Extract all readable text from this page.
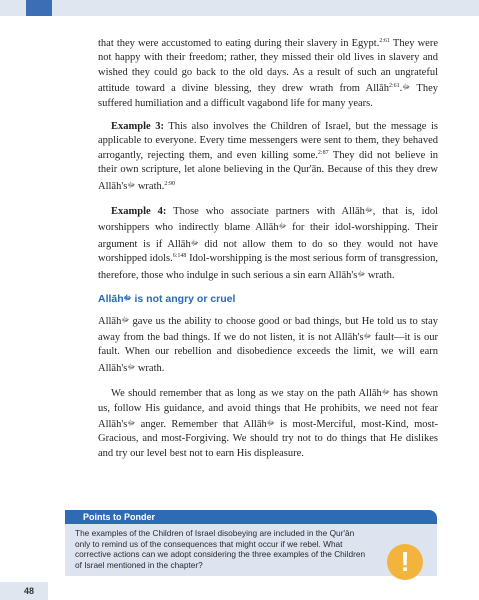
that they were accustomed to eating during their slavery in Egypt.$^{2:61}$ They were not happy with their freedom; rather, they missed their old lives in slavery and wished they could go back to the old days. As a result of such an ungrateful attitude toward a divine blessing, they drew wrath from Allāh ﷻ.$^{2:61}$ They suffered humiliation and a difficult vagabond life for many years.

Example 3: This also involves the Children of Israel, but the message is applicable to everyone. Every time messengers were sent to them, they behaved arrogantly, rejecting them, and even killing some.$^{2:87}$ They did not believe in their own scripture, let alone believing in the Qur'ān. Because of this they drew Allāh'sﷻ wrath.$^{2:90}$

Example 4: Those who associate partners with Allāhﷻ, that is, idol worshippers who indirectly blame Allāhﷻ for their idol-worshipping. Their argument is if Allāhﷻ did not allow them to do so they would not have worshipped idols.$^{6:148}$ Idol-worshipping is the most serious form of transgression, therefore, those who indulge in such serious a sin earn Allāh'sﷻ wrath.

Allāhﷻ is not angry or cruel

Allāhﷻ gave us the ability to choose good or bad things, but He told us to stay away from the bad things. If we do not listen, it is not Allāh'sﷻ fault—it is our fault. When our rebellion and disobedience exceeds the limit, we will earn Allāh'sﷻ wrath.

We should remember that as long as we stay on the path Allāhﷻ has shown us, follow His guidance, and avoid things that He prohibits, we need not fear Allāh'sﷻ anger. Remember that Allāhﷻ is most-Merciful, most-Kind, most-Gracious, and most-Forgiving. We should try not to do things that He dislikes and try our level best not to earn His displeasure.

Points to Ponder
The examples of the Children of Israel disobeying are included in the Qur'ān only to remind us of the consequences that might occur if we rebel. What corrective actions can we adopt considering the three examples of the Children of Israel mentioned in the chapter?	!
48
